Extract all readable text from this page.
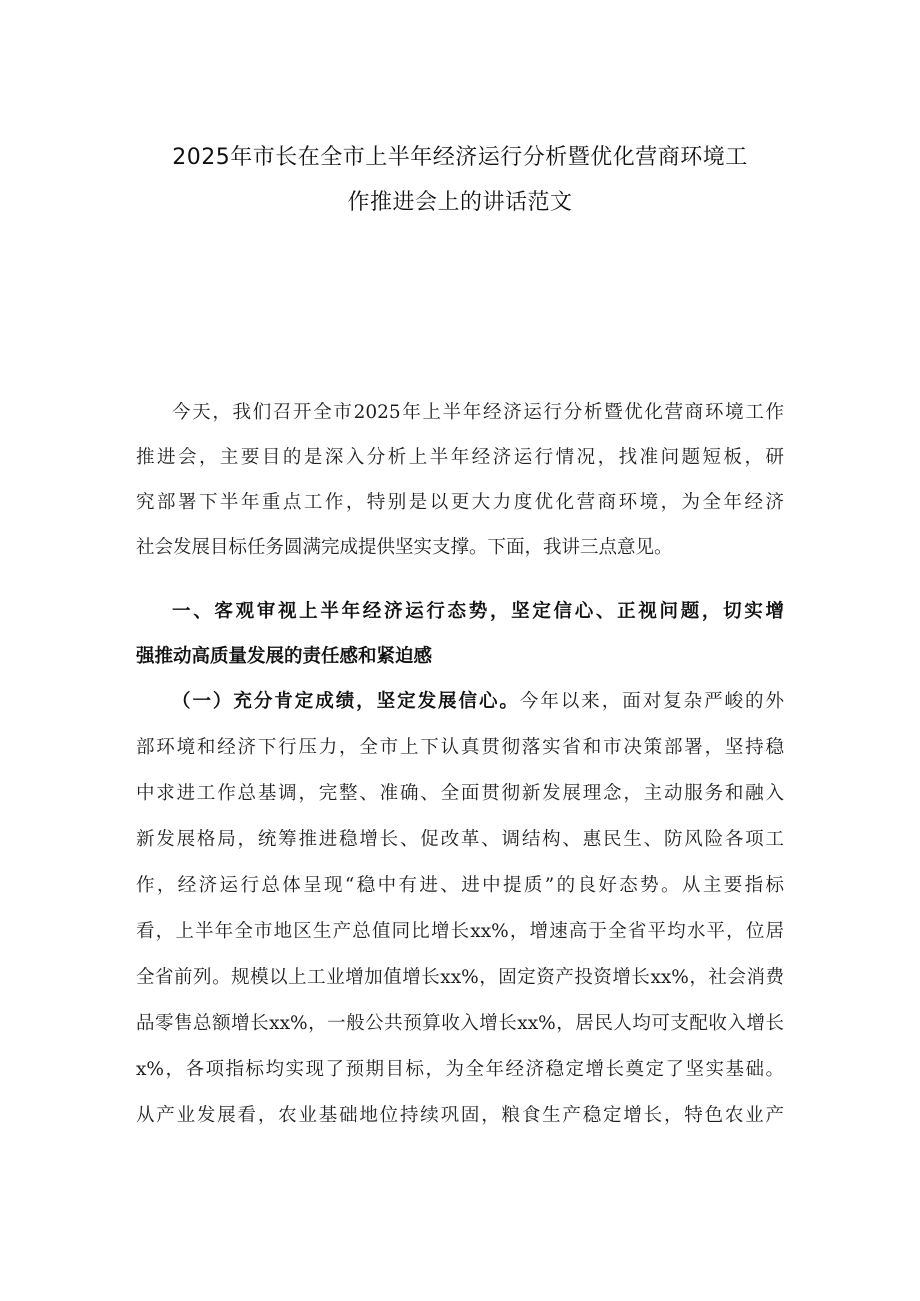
2025年市长在全市上半年经济运行分析暨优化营商环境工
作推进会上的讲话范文
今天，我们召开全市2025年上半年经济运行分析暨优化营商环境工作
推进会，主要目的是深入分析上半年经济运行情况，找准问题短板，研
究部署下半年重点工作，特别是以更大力度优化营商环境，为全年经济
社会发展目标任务圆满完成提供坚实支撑。下面，我讲三点意见。
一、客观审视上半年经济运行态势，坚定信心、正视问题，切实增
强推动高质量发展的责任感和紧迫感
（一）充分肯定成绩，坚定发展信心。今年以来，面对复杂严峻的外
部环境和经济下行压力，全市上下认真贯彻落实省和市决策部署，坚持稳
中求进工作总基调，完整、准确、全面贯彻新发展理念，主动服务和融入
新发展格局，统筹推进稳增长、促改革、调结构、惠民生、防风险各项工
作，经济运行总体呈现“稳中有进、进中提质”的良好态势。从主要指标
看，上半年全市地区生产总值同比增长xx%，增速高于全省平均水平，位居
全省前列。规模以上工业增加值增长xx%，固定资产投资增长xx%，社会消费
品零售总额增长xx%，一般公共预算收入增长xx%，居民人均可支配收入增长
x%，各项指标均实现了预期目标，为全年经济稳定增长奠定了坚实基础。
从产业发展看，农业基础地位持续巩固，粮食生产稳定增长，特色农业产
